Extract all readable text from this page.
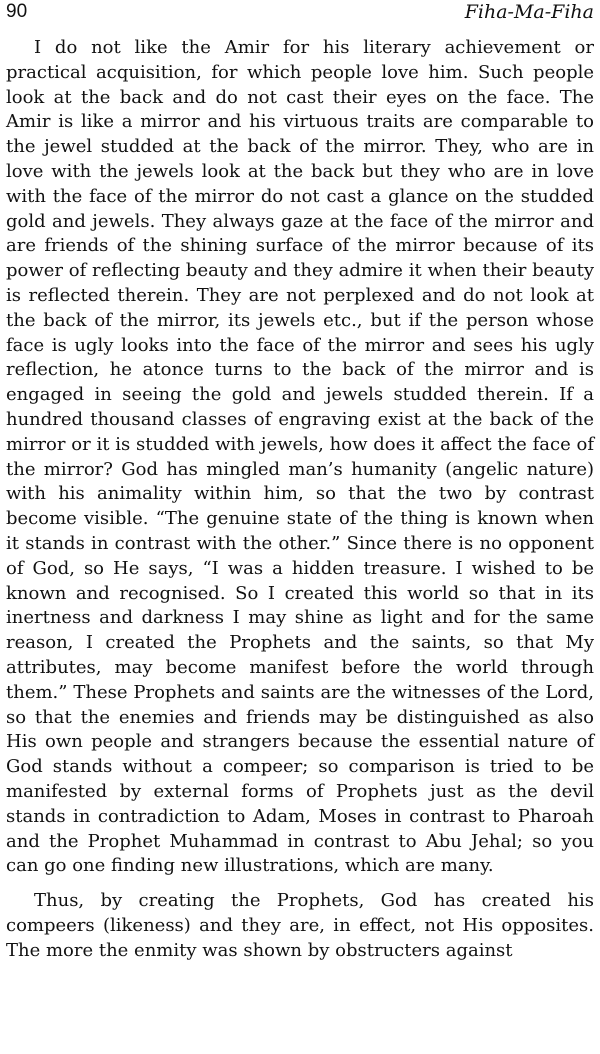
90	Fiha-Ma-Fiha

I do not like the Amir for his literary achievement or practical acquisition, for which people love him. Such people look at the back and do not cast their eyes on the face. The Amir is like a mirror and his virtuous traits are comparable to the jewel studded at the back of the mirror. They, who are in love with the jewels look at the back but they who are in love with the face of the mirror do not cast a glance on the studded gold and jewels. They always gaze at the face of the mirror and are friends of the shining surface of the mirror because of its power of reflecting beauty and they admire it when their beauty is reflected therein. They are not perplexed and do not look at the back of the mirror, its jewels etc., but if the person whose face is ugly looks into the face of the mirror and sees his ugly reflection, he atonce turns to the back of the mirror and is engaged in seeing the gold and jewels studded therein. If a hundred thousand classes of engraving exist at the back of the mirror or it is studded with jewels, how does it affect the face of the mirror? God has mingled man’s humanity (angelic nature) with his animality within him, so that the two by contrast become visible. “The genuine state of the thing is known when it stands in contrast with the other.” Since there is no opponent of God, so He says, “I was a hidden treasure. I wished to be known and recognised. So I created this world so that in its inertness and darkness I may shine as light and for the same reason, I created the Prophets and the saints, so that My attributes, may become manifest before the world through them.” These Prophets and saints are the witnesses of the Lord, so that the enemies and friends may be distinguished as also His own people and strangers because the essential nature of God stands without a compeer; so comparison is tried to be manifested by external forms of Prophets just as the devil stands in contradiction to Adam, Moses in contrast to Pharoah and the Prophet Muhammad in contrast to Abu Jehal; so you can go one finding new illustrations, which are many.

Thus, by creating the Prophets, God has created his compeers (likeness) and they are, in effect, not His opposites. The more the enmity was shown by obstructers against
